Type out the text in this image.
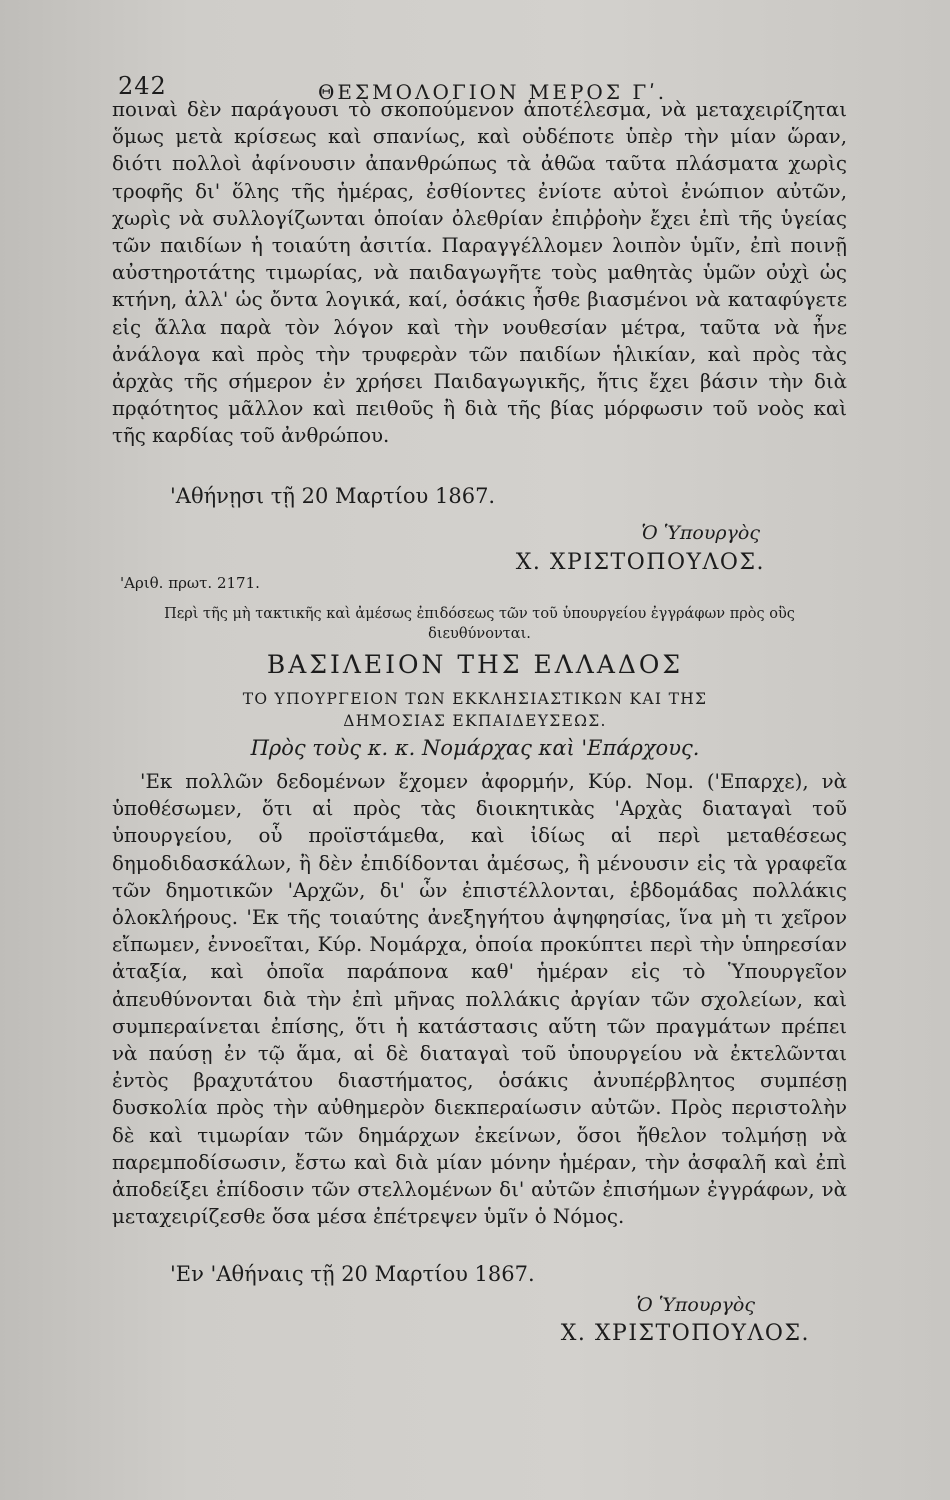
242	ΘΕΣΜΟΛΟΓΙΟΝ ΜΕΡΟΣ Γʹ.
ποιναὶ δὲν παράγουσι τὸ σκοπούμενον ἀποτέλεσμα, νὰ μεταχειρίζηται ὅμως μετὰ κρίσεως καὶ σπανίως, καὶ οὐδέποτε ὑπὲρ τὴν μίαν ὥραν, διότι πολλοὶ ἀφίνουσιν ἀπανθρώπως τὰ ἀθῶα ταῦτα πλάσματα χωρὶς τροφῆς δι' ὅλης τῆς ἡμέρας, ἐσθίοντες ἐνίοτε αὐτοὶ ἐνώπιον αὐτῶν, χωρὶς νὰ συλλογίζωνται ὁποίαν ὀλεθρίαν ἐπιῤῥοὴν ἔχει ἐπὶ τῆς ὑγείας τῶν παιδίων ἡ τοιαύτη ἀσιτία. Παραγγέλλομεν λοιπὸν ὑμῖν, ἐπὶ ποινῇ αὐστηροτάτης τιμωρίας, νὰ παιδαγωγῆτε τοὺς μαθητὰς ὑμῶν οὐχὶ ὡς κτήνη, ἀλλ' ὡς ὄντα λογικά, καί, ὁσάκις ἦσθε βιασμένοι νὰ καταφύγετε εἰς ἄλλα παρὰ τὸν λόγον καὶ τὴν νουθεσίαν μέτρα, ταῦτα νὰ ἦνε ἀνάλογα καὶ πρὸς τὴν τρυφερὰν τῶν παιδίων ἡλικίαν, καὶ πρὸς τὰς ἀρχὰς τῆς σήμερον ἐν χρήσει Παιδαγωγικῆς, ἥτις ἔχει βάσιν τὴν διὰ πρᾳότητος μᾶλλον καὶ πειθοῦς ἢ διὰ τῆς βίας μόρφωσιν τοῦ νοὸς καὶ τῆς καρδίας τοῦ ἀνθρώπου.
'Αθήνῃσι τῇ 20 Μαρτίου 1867.
Ὁ Ὑπουργὸς
Χ. ΧΡΙΣΤΟΠΟΥΛΟΣ.
'Αριθ. πρωτ. 2171.
Περὶ τῆς μὴ τακτικῆς καὶ ἀμέσως ἐπιδόσεως τῶν τοῦ ὑπουργείου ἐγγράφων πρὸς οὓς διευθύνονται.
ΒΑΣΙΛΕΙΟΝ ΤΗΣ ΕΛΛΑΔΟΣ
ΤΟ ΥΠΟΥΡΓΕΙΟΝ ΤΩΝ ΕΚΚΛΗΣΙΑΣΤΙΚΩΝ ΚΑΙ ΤΗΣ
ΔΗΜΟΣΙΑΣ ΕΚΠΑΙΔΕΥΣΕΩΣ.
Πρὸς τοὺς κ. κ. Νομάρχας καὶ 'Επάρχους.
'Εκ πολλῶν δεδομένων ἔχομεν ἀφορμήν, Κύρ. Νομ. ('Επαρχε), νὰ ὑποθέσωμεν, ὅτι αἱ πρὸς τὰς διοικητικὰς 'Αρχὰς διαταγαὶ τοῦ ὑπουργείου, οὗ προϊστάμεθα, καὶ ἰδίως αἱ περὶ μεταθέσεως δημοδιδασκάλων, ἢ δὲν ἐπιδίδονται ἀμέσως, ἢ μένουσιν εἰς τὰ γραφεῖα τῶν δημοτικῶν 'Αρχῶν, δι' ὧν ἐπιστέλλονται, ἑβδομάδας πολλάκις ὁλοκλήρους. 'Εκ τῆς τοιαύτης ἀνεξηγήτου ἀψηφησίας, ἵνα μὴ τι χεῖρον εἴπωμεν, ἐννοεῖται, Κύρ. Νομάρχα, ὁποία προκύπτει περὶ τὴν ὑπηρεσίαν ἀταξία, καὶ ὁποῖα παράπονα καθ' ἡμέραν εἰς τὸ Ὑπουργεῖον ἀπευθύνονται διὰ τὴν ἐπὶ μῆνας πολλάκις ἀργίαν τῶν σχολείων, καὶ συμπεραίνεται ἐπίσης, ὅτι ἡ κατάστασις αὕτη τῶν πραγμάτων πρέπει νὰ παύσῃ ἐν τῷ ἅμα, αἱ δὲ διαταγαὶ τοῦ ὑπουργείου νὰ ἐκτελῶνται ἐντὸς βραχυτάτου διαστήματος, ὁσάκις ἀνυπέρβλητος συμπέσῃ δυσκολία πρὸς τὴν αὐθημερὸν διεκπεραίωσιν αὐτῶν. Πρὸς περιστολὴν δὲ καὶ τιμωρίαν τῶν δημάρχων ἐκείνων, ὅσοι ἤθελον τολμήσῃ νὰ παρεμποδίσωσιν, ἔστω καὶ διὰ μίαν μόνην ἡμέραν, τὴν ἀσφαλῆ καὶ ἐπὶ ἀποδείξει ἐπίδοσιν τῶν στελλομένων δι' αὐτῶν ἐπισήμων ἐγγράφων, νὰ μεταχειρίζεσθε ὅσα μέσα ἐπέτρεψεν ὑμῖν ὁ Νόμος.
'Εν 'Αθήναις τῇ 20 Μαρτίου 1867.
Ὁ Ὑπουργὸς
Χ. ΧΡΙΣΤΟΠΟΥΛΟΣ.
